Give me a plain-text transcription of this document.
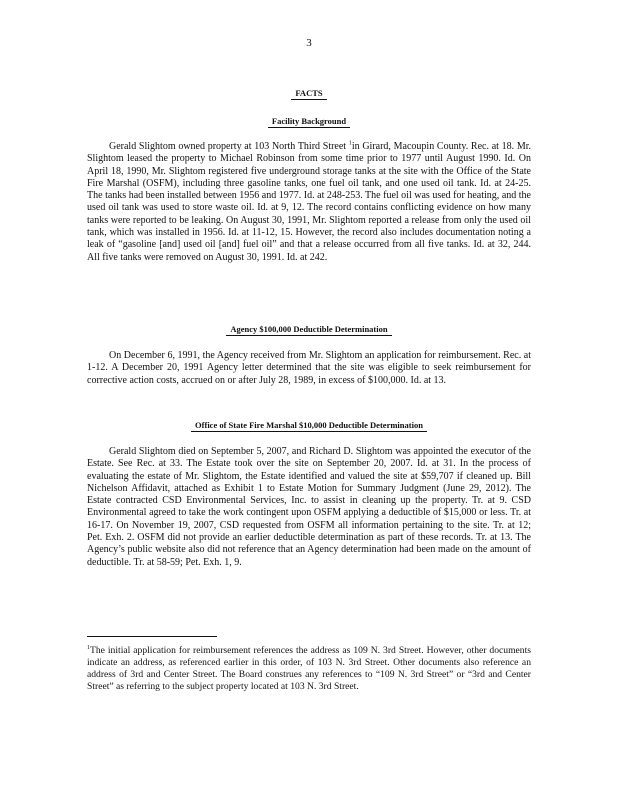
3
FACTS
Facility Background

Gerald Slightom owned property at 103 North Third Street $^1$in Girard, Macoupin County. Rec. at 18. Mr. Slightom leased the property to Michael Robinson from some time prior to 1977 until August 1990. Id. On April 18, 1990, Mr. Slightom registered five underground storage tanks at the site with the Office of the State Fire Marshal (OSFM), including three gasoline tanks, one fuel oil tank, and one used oil tank. Id. at 24-25. The tanks had been installed between 1956 and 1977. Id. at 248-253. The fuel oil was used for heating, and the used oil tank was used to store waste oil. Id. at 9, 12. The record contains conflicting evidence on how many tanks were reported to be leaking. On August 30, 1991, Mr. Slightom reported a release from only the used oil tank, which was installed in 1956. Id. at 11-12, 15. However, the record also includes documentation noting a leak of “gasoline [and] used oil [and] fuel oil” and that a release occurred from all five tanks. Id. at 32, 244. All five tanks were removed on August 30, 1991. Id. at 242.

Agency $100,000 Deductible Determination

On December 6, 1991, the Agency received from Mr. Slightom an application for reimbursement. Rec. at 1-12. A December 20, 1991 Agency letter determined that the site was eligible to seek reimbursement for corrective action costs, accrued on or after July 28, 1989, in excess of $100,000. Id. at 13.

Office of State Fire Marshal $10,000 Deductible Determination

Gerald Slightom died on September 5, 2007, and Richard D. Slightom was appointed the executor of the Estate. See Rec. at 33. The Estate took over the site on September 20, 2007. Id. at 31. In the process of evaluating the estate of Mr. Slightom, the Estate identified and valued the site at $59,707 if cleaned up. Bill Nichelson Affidavit, attached as Exhibit 1 to Estate Motion for Summary Judgment (June 29, 2012). The Estate contracted CSD Environmental Services, Inc. to assist in cleaning up the property. Tr. at 9. CSD Environmental agreed to take the work contingent upon OSFM applying a deductible of $15,000 or less. Tr. at 16-17. On November 19, 2007, CSD requested from OSFM all information pertaining to the site. Tr. at 12; Pet. Exh. 2. OSFM did not provide an earlier deductible determination as part of these records. Tr. at 13. The Agency’s public website also did not reference that an Agency determination had been made on the amount of deductible. Tr. at 58-59; Pet. Exh. 1, 9.

$^1$The initial application for reimbursement references the address as 109 N. 3rd Street. However, other documents indicate an address, as referenced earlier in this order, of 103 N. 3rd Street. Other documents also reference an address of 3rd and Center Street. The Board construes any references to “109 N. 3rd Street” or “3rd and Center Street” as referring to the subject property located at 103 N. 3rd Street.
